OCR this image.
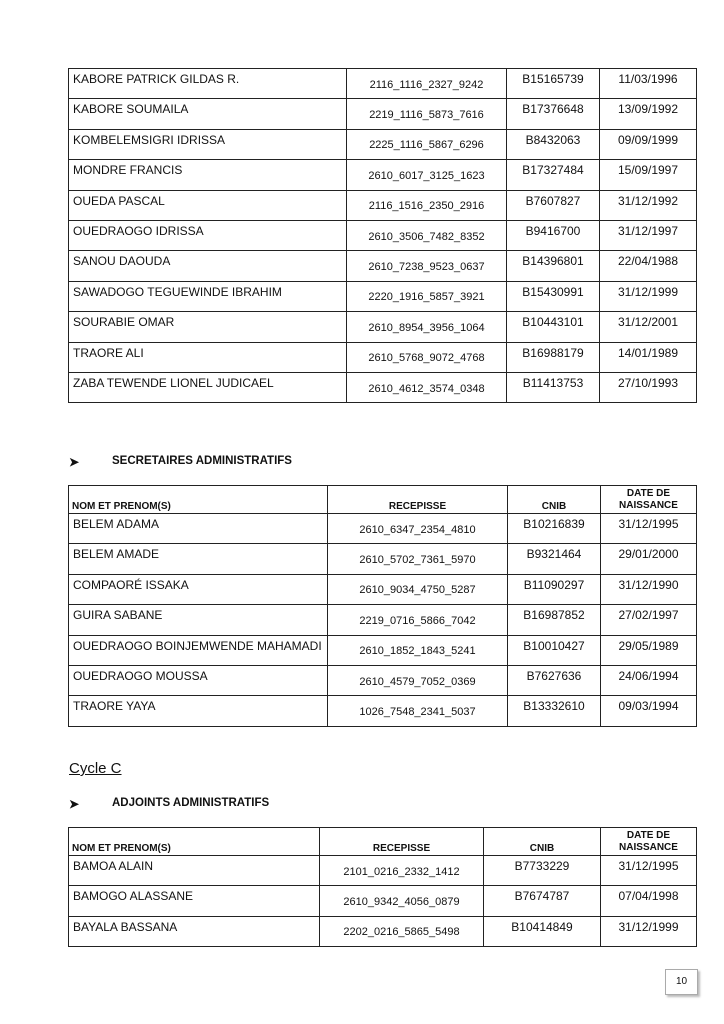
KABORE PATRICK GILDAS R.	2116_1116_2327_9242	B15165739	11/03/1996
KABORE SOUMAILA	2219_1116_5873_7616	B17376648	13/09/1992
KOMBELEMSIGRI IDRISSA	2225_1116_5867_6296	B8432063	09/09/1999
MONDRE FRANCIS	2610_6017_3125_1623	B17327484	15/09/1997
OUEDA PASCAL	2116_1516_2350_2916	B7607827	31/12/1992
OUEDRAOGO IDRISSA	2610_3506_7482_8352	B9416700	31/12/1997
SANOU DAOUDA	2610_7238_9523_0637	B14396801	22/04/1988
SAWADOGO TEGUEWINDE IBRAHIM	2220_1916_5857_3921	B15430991	31/12/1999
SOURABIE OMAR	2610_8954_3956_1064	B10443101	31/12/2001
TRAORE ALI	2610_5768_9072_4768	B16988179	14/01/1989
ZABA TEWENDE LIONEL JUDICAEL	2610_4612_3574_0348	B11413753	27/10/1993
➤	SECRETAIRES ADMINISTRATIFS
NOM ET PRENOM(S)	RECEPISSE	CNIB	DATE DE
NAISSANCE
BELEM ADAMA	2610_6347_2354_4810	B10216839	31/12/1995
BELEM AMADE	2610_5702_7361_5970	B9321464	29/01/2000
COMPAORÉ ISSAKA	2610_9034_4750_5287	B11090297	31/12/1990
GUIRA SABANE	2219_0716_5866_7042	B16987852	27/02/1997
OUEDRAOGO BOINJEMWENDE MAHAMADI	2610_1852_1843_5241	B10010427	29/05/1989
OUEDRAOGO MOUSSA	2610_4579_7052_0369	B7627636	24/06/1994
TRAORE YAYA	1026_7548_2341_5037	B13332610	09/03/1994
Cycle C
➤	ADJOINTS ADMINISTRATIFS
NOM ET PRENOM(S)	RECEPISSE	CNIB	DATE DE
NAISSANCE
BAMOA ALAIN	2101_0216_2332_1412	B7733229	31/12/1995
BAMOGO ALASSANE	2610_9342_4056_0879	B7674787	07/04/1998
BAYALA BASSANA	2202_0216_5865_5498	B10414849	31/12/1999
10
